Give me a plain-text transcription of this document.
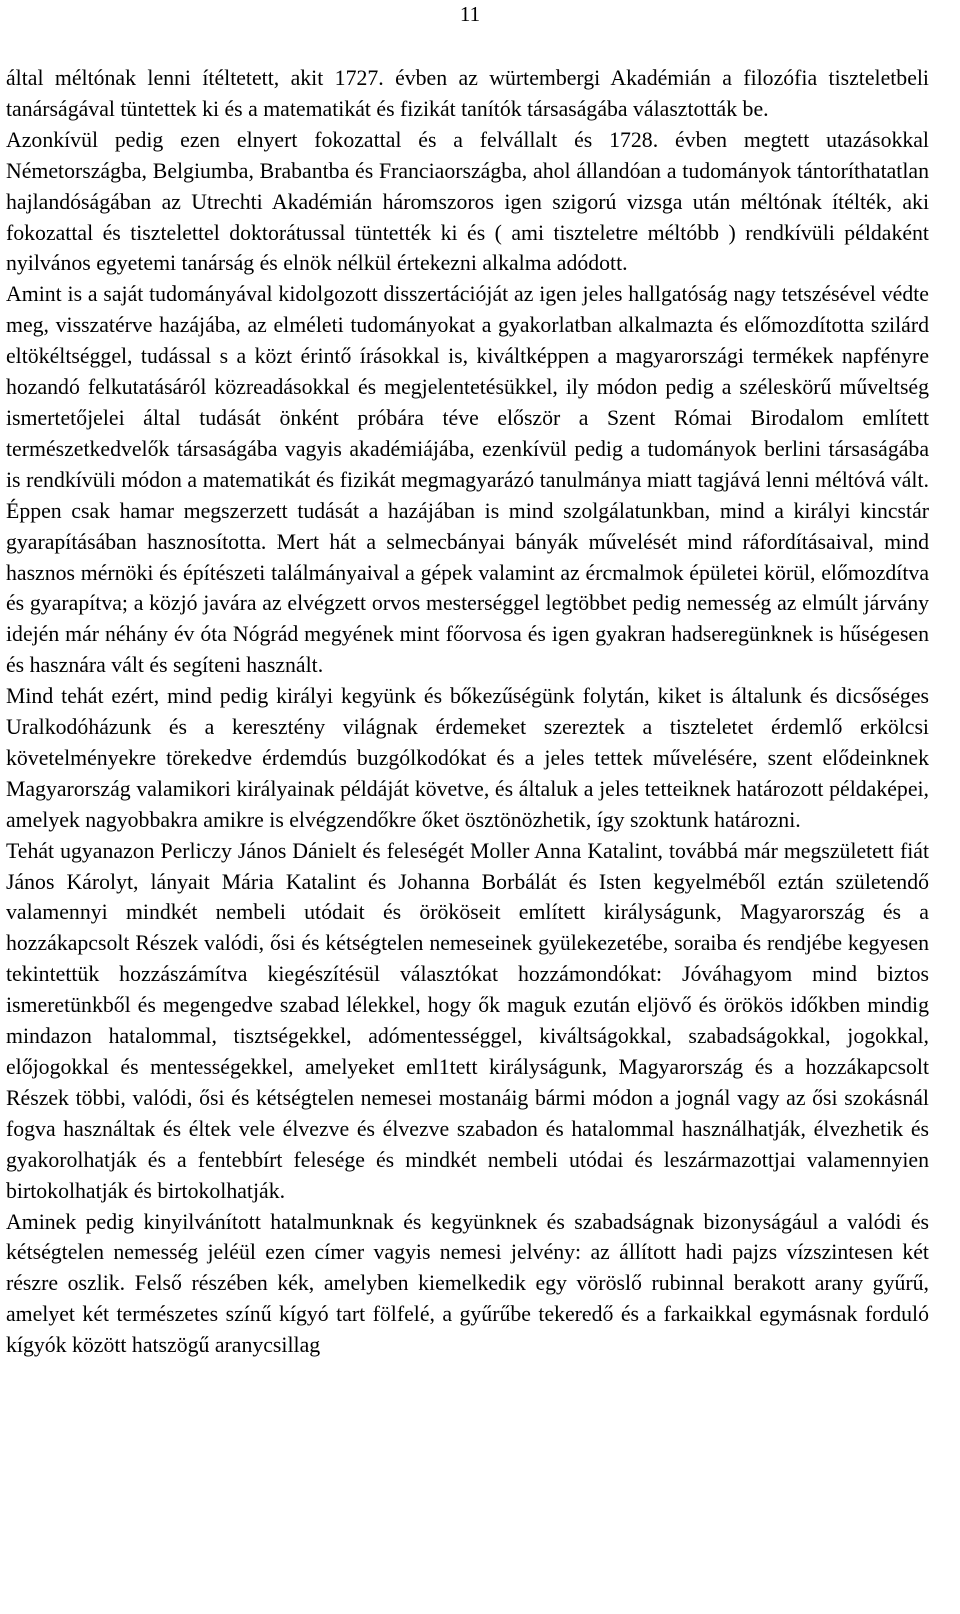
11

által méltónak lenni ítéltetett, akit 1727. évben az würtembergi Akadémián a filozófia tiszteletbeli tanárságával tüntettek ki és a matematikát és fizikát tanítók társaságába választották be.

Azonkívül pedig ezen elnyert fokozattal és a felvállalt és 1728. évben megtett utazásokkal Németországba, Belgiumba, Brabantba és Franciaországba, ahol állandóan a tudományok tántoríthatatlan hajlandóságában az Utrechti Akadémián háromszoros igen szigorú vizsga után méltónak ítélték, aki fokozattal és tisztelettel doktorátussal tüntették ki és ( ami tiszteletre méltóbb ) rendkívüli példaként nyilvános egyetemi tanárság és elnök nélkül értekezni alkalma adódott.

Amint is a saját tudományával kidolgozott disszertációját az igen jeles hallgatóság nagy tetszésével védte meg, visszatérve hazájába, az elméleti tudományokat a gyakorlatban alkalmazta és előmozdította szilárd eltökéltséggel, tudással s a közt érintő írásokkal is, kiváltképpen a magyarországi termékek napfényre hozandó felkutatásáról közreadásokkal és megjelentetésükkel, ily módon pedig a széleskörű műveltség ismertetőjelei által tudását önként próbára téve először a Szent Római Birodalom említett természetkedvelők társaságába vagyis akadémiájába, ezenkívül pedig a tudományok berlini társaságába is rendkívüli módon a matematikát és fizikát megmagyarázó tanulmánya miatt tagjává lenni méltóvá vált. Éppen csak hamar megszerzett tudását a hazájában is mind szolgálatunkban, mind a királyi kincstár gyarapításában hasznosította. Mert hát a selmecbányai bányák művelését mind ráfordításaival, mind hasznos mérnöki és építészeti találmányaival a gépek valamint az ércmalmok épületei körül, előmozdítva és gyarapítva; a közjó javára az elvégzett orvos mesterséggel legtöbbet pedig nemesség az elmúlt járvány idején már néhány év óta Nógrád megyének mint főorvosa és igen gyakran hadseregünknek is hűségesen és hasznára vált és segíteni használt.

Mind tehát ezért, mind pedig királyi kegyünk és bőkezűségünk folytán, kiket is általunk és dicsőséges Uralkodóházunk és a keresztény világnak érdemeket szereztek a tiszteletet érdemlő erkölcsi követelményekre törekedve érdemdús buzgólkodókat és a jeles tettek művelésére, szent elődeinknek Magyarország valamikori királyainak példáját követve, és általuk a jeles tetteiknek határozott példaképei, amelyek nagyobbakra amikre is elvégzendőkre őket ösztönözhetik, így szoktunk határozni.

Tehát ugyanazon Perliczy János Dánielt és feleségét Moller Anna Katalint, továbbá már megszületett fiát János Károlyt, lányait Mária Katalint és Johanna Borbálát és Isten kegyelméből eztán születendő valamennyi mindkét nembeli utódait és örököseit említett királyságunk, Magyarország és a hozzákapcsolt Részek valódi, ősi és kétségtelen nemeseinek gyülekezetébe, soraiba és rendjébe kegyesen tekintettük hozzászámítva kiegészítésül választókat hozzámondókat: Jóváhagyom mind biztos ismeretünkből és megengedve szabad lélekkel, hogy ők maguk ezután eljövő és örökös időkben mindig mindazon hatalommal, tisztségekkel, adómentességgel, kiváltságokkal, szabadságokkal, jogokkal, előjogokkal és mentességekkel, amelyeket eml1tett királyságunk, Magyarország és a hozzákapcsolt Részek többi, valódi, ősi és kétségtelen nemesei mostanáig bármi módon a jognál vagy az ősi szokásnál fogva használtak és éltek vele élvezve és élvezve szabadon és hatalommal használhatják, élvezhetik és gyakorolhatják és a fentebbírt felesége és mindkét nembeli utódai és leszármazottjai valamennyien birtokolhatják és birtokolhatják.

Aminek pedig kinyilvánított hatalmunknak és kegyünknek és szabadságnak bizonyságául a valódi és kétségtelen nemesség jeléül ezen címer vagyis nemesi jelvény: az állított hadi pajzs vízszintesen két részre oszlik. Felső részében kék, amelyben kiemelkedik egy vöröslő rubinnal berakott arany gyűrű, amelyet két természetes színű kígyó tart fölfelé, a gyűrűbe tekeredő és a farkaikkal egymásnak forduló kígyók között hatszögű aranycsillag
